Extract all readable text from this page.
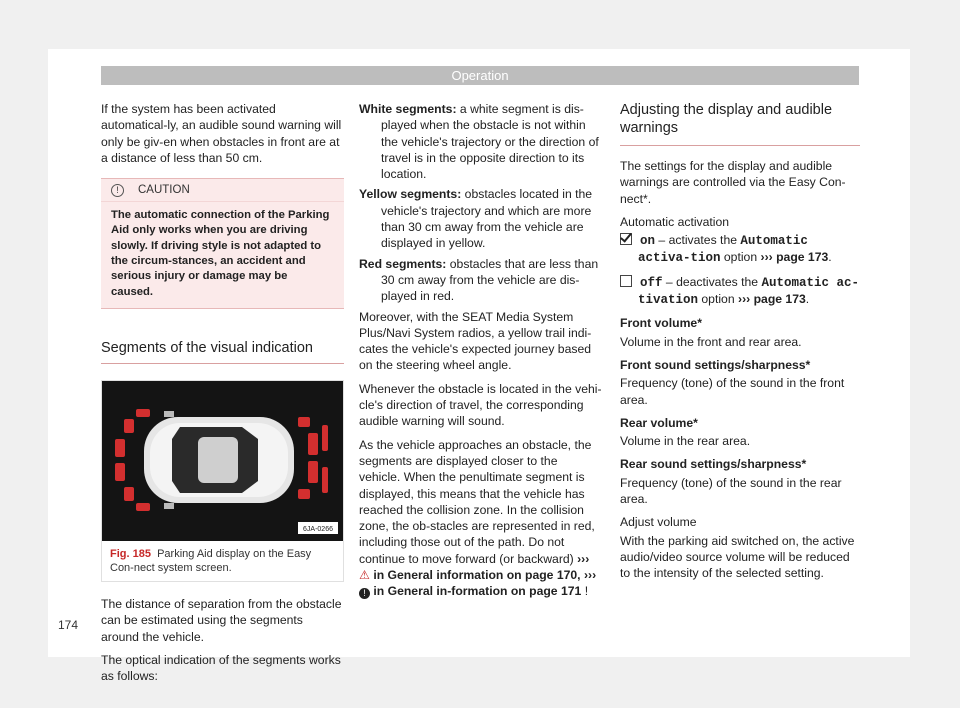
Operation

If the system has been activated automatical-ly, an audible sound warning will only be giv-en when obstacles in front are at a distance of less than 50 cm.

! CAUTION
The automatic connection of the Parking Aid only works when you are driving slowly. If driving style is not adapted to the circum-stances, an accident and serious injury or damage may be caused.
Segments of the visual indication
6JA-0266
Fig. 185 Parking Aid display on the Easy Con-nect system screen.

The distance of separation from the obstacle can be estimated using the segments around the vehicle.

The optical indication of the segments works as follows:

White segments: a white segment is dis-played when the obstacle is not within the vehicle's trajectory or the direction of travel is in the opposite direction to its location.

Yellow segments: obstacles located in the vehicle's trajectory and which are more than 30 cm away from the vehicle are displayed in yellow.

Red segments: obstacles that are less than 30 cm away from the vehicle are dis-played in red.

Moreover, with the SEAT Media System Plus/Navi System radios, a yellow trail indi-cates the vehicle's expected journey based on the steering wheel angle.

Whenever the obstacle is located in the vehi-cle's direction of travel, the corresponding audible warning will sound.

As the vehicle approaches an obstacle, the segments are displayed closer to the vehicle. When the penultimate segment is displayed, this means that the vehicle has reached the collision zone. In the collision zone, the ob-stacles are represented in red, including those out of the path. Do not continue to move forward (or backward) ››› ⚠ in General information on page 170, ››› ! in General in-formation on page 171 !

Adjusting the display and audible warnings

The settings for the display and audible warnings are controlled via the Easy Con-nect*.

Automatic activation

on – activates the Automatic activa-tion option ››› page 173.

off – deactivates the Automatic ac-tivation option ››› page 173.

Front volume*

Volume in the front and rear area.

Front sound settings/sharpness*

Frequency (tone) of the sound in the front area.

Rear volume*

Volume in the rear area.

Rear sound settings/sharpness*

Frequency (tone) of the sound in the rear area.

Adjust volume

With the parking aid switched on, the active audio/video source volume will be reduced to the intensity of the selected setting.

174
